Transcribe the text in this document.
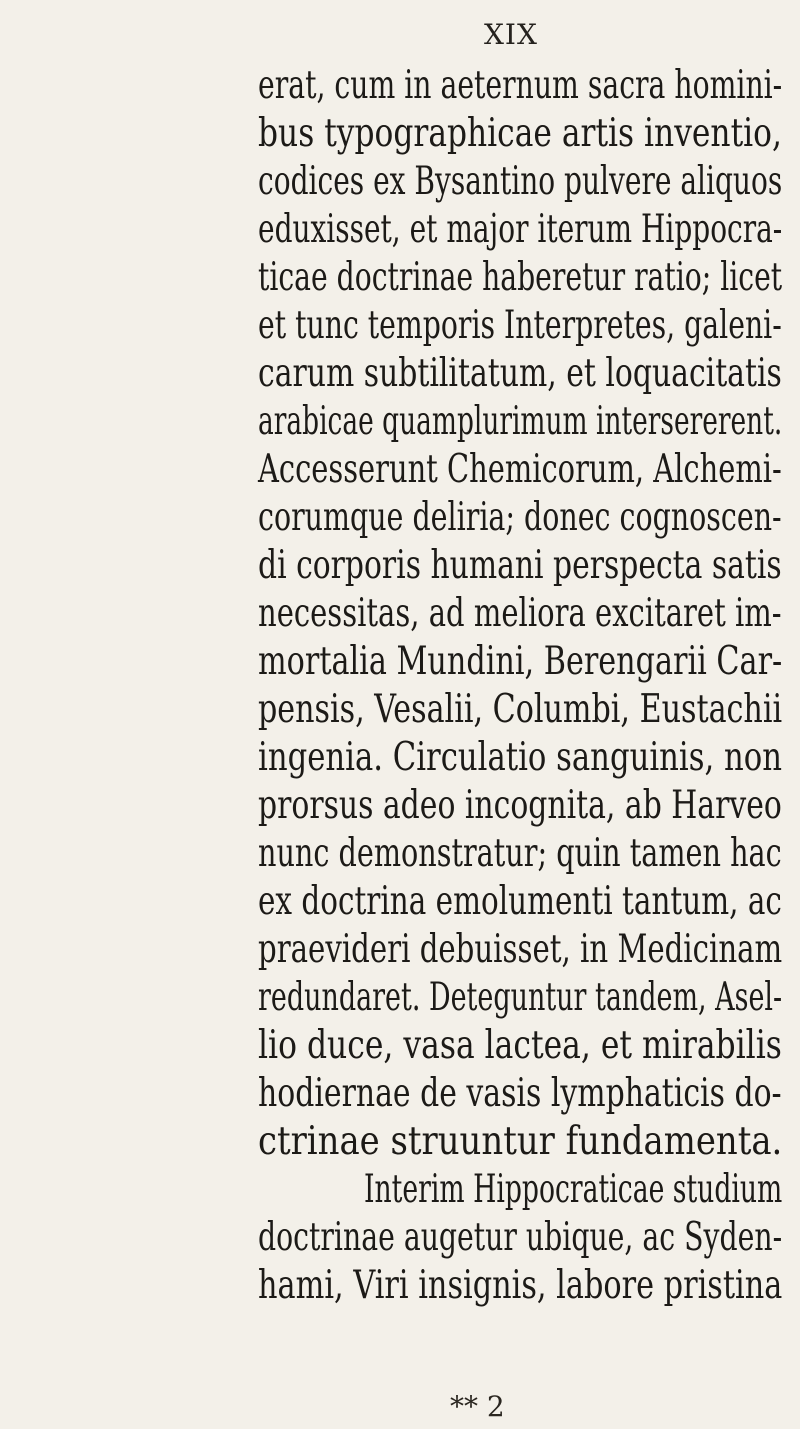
XIX
erat, cum in aeternum sacra homini-
bus typographicae artis inventio,
codices ex Bysantino pulvere aliquos
eduxisset, et major iterum Hippocra-
ticae doctrinae haberetur ratio; licet
et tunc temporis Interpretes, galeni-
carum subtilitatum, et loquacitatis
arabicae quamplurimum intersererent.
Accesserunt Chemicorum, Alchemi-
corumque deliria; donec cognoscen-
di corporis humani perspecta satis
necessitas, ad meliora excitaret im-
mortalia Mundini, Berengarii Car-
pensis, Vesalii, Columbi, Eustachii
ingenia. Circulatio sanguinis, non
prorsus adeo incognita, ab Harveo
nunc demonstratur; quin tamen hac
ex doctrina emolumenti tantum, ac
praevideri debuisset, in Medicinam
redundaret. Deteguntur tandem, Asel-
lio duce, vasa lactea, et mirabilis
hodiernae de vasis lymphaticis do-
ctrinae struuntur fundamenta.
Interim Hippocraticae studium
doctrinae augetur ubique, ac Syden-
hami, Viri insignis, labore pristina
** 2
